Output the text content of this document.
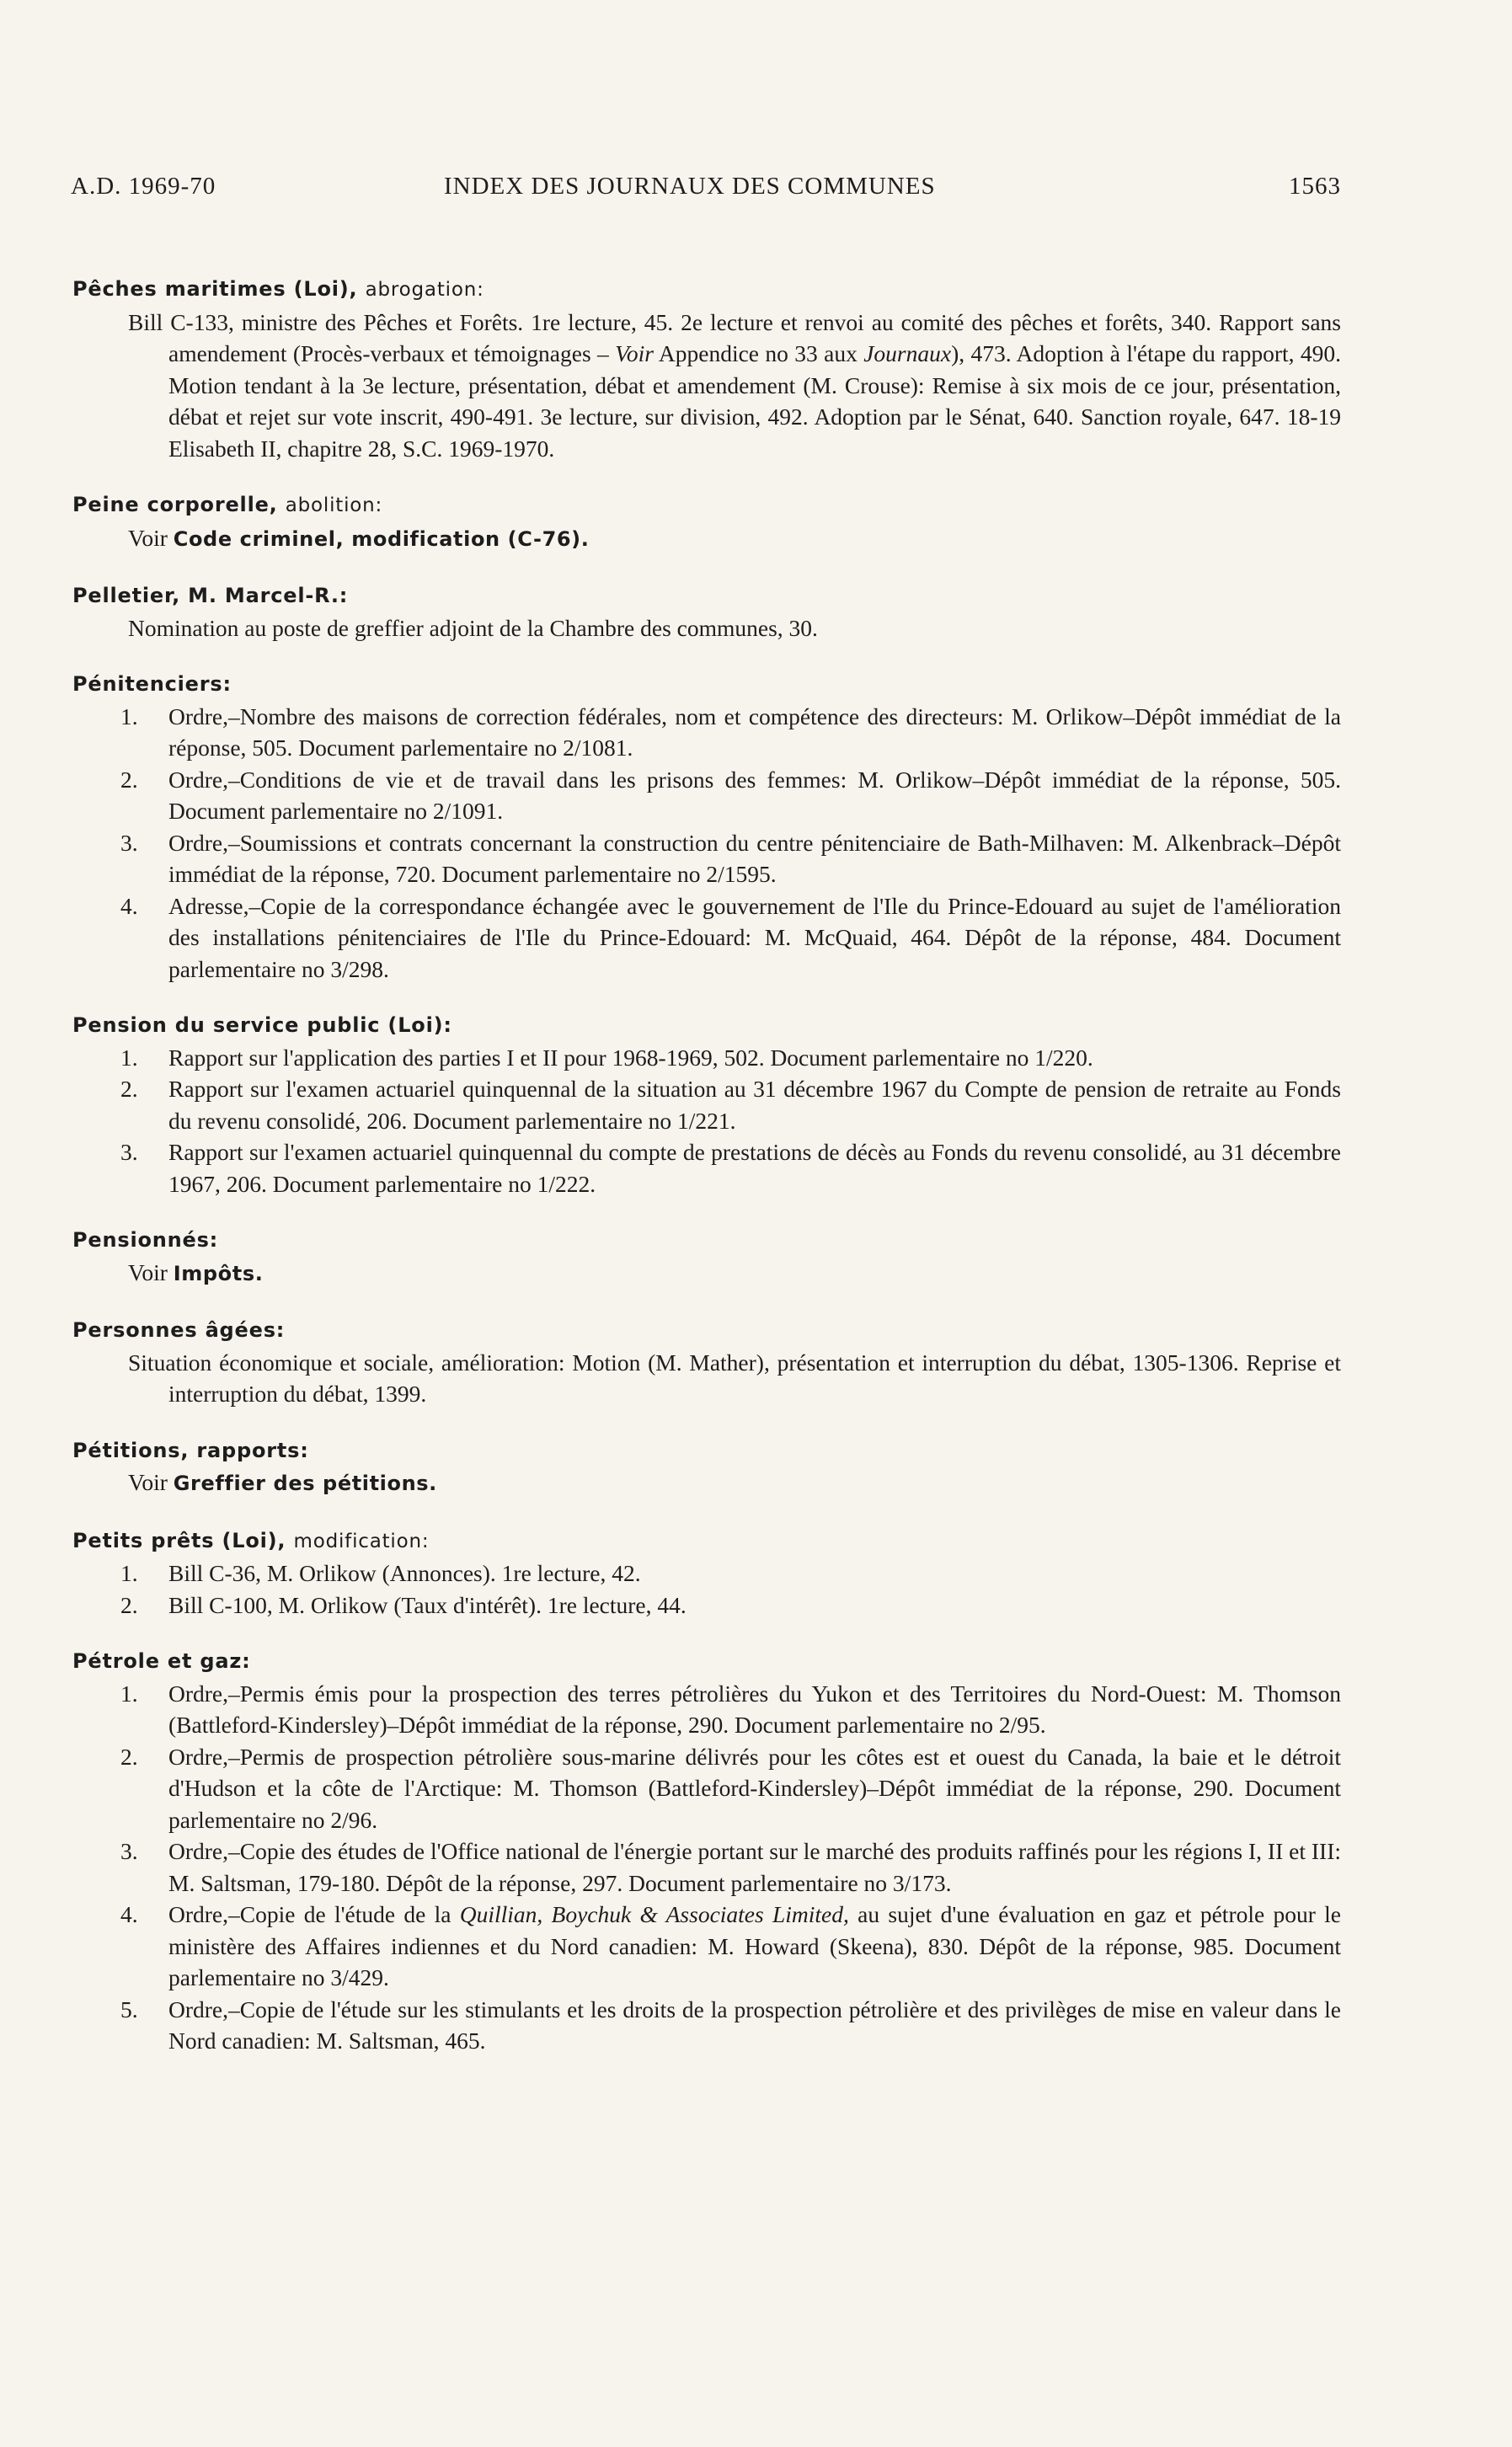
A.D. 1969-70	INDEX DES JOURNAUX DES COMMUNES	1563
Pêches maritimes (Loi), abrogation:
Bill C-133, ministre des Pêches et Forêts. 1re lecture, 45. 2e lecture et renvoi au comité des pêches et forêts, 340. Rapport sans amendement (Procès-verbaux et témoignages – Voir Appendice no 33 aux Journaux), 473. Adoption à l'étape du rapport, 490. Motion tendant à la 3e lecture, présentation, débat et amendement (M. Crouse): Remise à six mois de ce jour, présentation, débat et rejet sur vote inscrit, 490-491. 3e lecture, sur division, 492. Adoption par le Sénat, 640. Sanction royale, 647. 18-19 Elisabeth II, chapitre 28, S.C. 1969-1970.
Peine corporelle, abolition:
Voir Code criminel, modification (C-76).
Pelletier, M. Marcel-R.:
Nomination au poste de greffier adjoint de la Chambre des communes, 30.
Pénitenciers:
1.	Ordre,–Nombre des maisons de correction fédérales, nom et compétence des directeurs: M. Orlikow–Dépôt immédiat de la réponse, 505. Document parlementaire no 2/1081.
2.	Ordre,–Conditions de vie et de travail dans les prisons des femmes: M. Orlikow–Dépôt immédiat de la réponse, 505. Document parlementaire no 2/1091.
3.	Ordre,–Soumissions et contrats concernant la construction du centre pénitenciaire de Bath-Milhaven: M. Alkenbrack–Dépôt immédiat de la réponse, 720. Document parlementaire no 2/1595.
4.	Adresse,–Copie de la correspondance échangée avec le gouvernement de l'Ile du Prince-Edouard au sujet de l'amélioration des installations pénitenciaires de l'Ile du Prince-Edouard: M. McQuaid, 464. Dépôt de la réponse, 484. Document parlementaire no 3/298.
Pension du service public (Loi):
1.	Rapport sur l'application des parties I et II pour 1968-1969, 502. Document parlementaire no 1/220.
2.	Rapport sur l'examen actuariel quinquennal de la situation au 31 décembre 1967 du Compte de pension de retraite au Fonds du revenu consolidé, 206. Document parlementaire no 1/221.
3.	Rapport sur l'examen actuariel quinquennal du compte de prestations de décès au Fonds du revenu consolidé, au 31 décembre 1967, 206. Document parlementaire no 1/222.
Pensionnés:
Voir Impôts.
Personnes âgées:
Situation économique et sociale, amélioration: Motion (M. Mather), présentation et interruption du débat, 1305-1306. Reprise et interruption du débat, 1399.
Pétitions, rapports:
Voir Greffier des pétitions.
Petits prêts (Loi), modification:
1.	Bill C-36, M. Orlikow (Annonces). 1re lecture, 42.
2.	Bill C-100, M. Orlikow (Taux d'intérêt). 1re lecture, 44.
Pétrole et gaz:
1.	Ordre,–Permis émis pour la prospection des terres pétrolières du Yukon et des Territoires du Nord-Ouest: M. Thomson (Battleford-Kindersley)–Dépôt immédiat de la réponse, 290. Document parlementaire no 2/95.
2.	Ordre,–Permis de prospection pétrolière sous-marine délivrés pour les côtes est et ouest du Canada, la baie et le détroit d'Hudson et la côte de l'Arctique: M. Thomson (Battleford-Kindersley)–Dépôt immédiat de la réponse, 290. Document parlementaire no 2/96.
3.	Ordre,–Copie des études de l'Office national de l'énergie portant sur le marché des produits raffinés pour les régions I, II et III: M. Saltsman, 179-180. Dépôt de la réponse, 297. Document parlementaire no 3/173.
4.	Ordre,–Copie de l'étude de la Quillian, Boychuk & Associates Limited, au sujet d'une évaluation en gaz et pétrole pour le ministère des Affaires indiennes et du Nord canadien: M. Howard (Skeena), 830. Dépôt de la réponse, 985. Document parlementaire no 3/429.
5.	Ordre,–Copie de l'étude sur les stimulants et les droits de la prospection pétrolière et des privilèges de mise en valeur dans le Nord canadien: M. Saltsman, 465.
